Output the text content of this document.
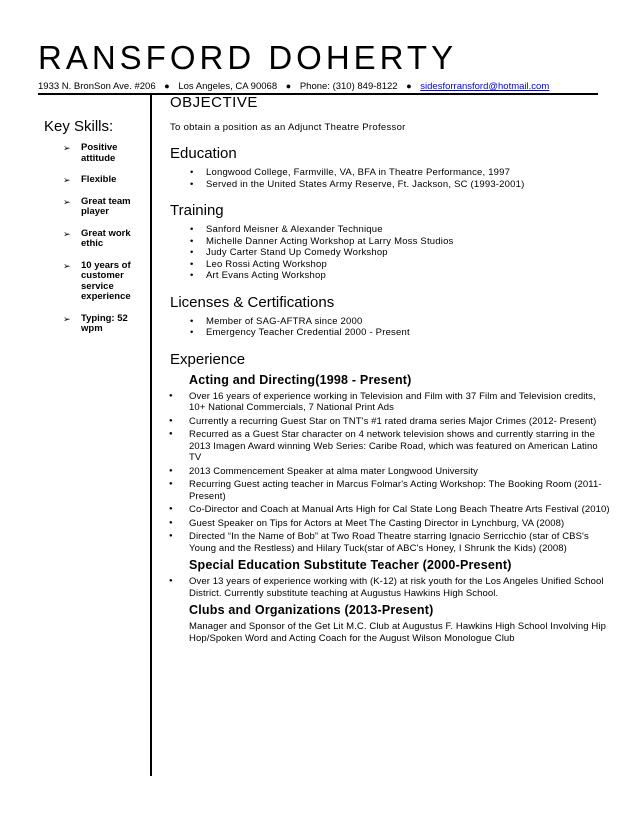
RANSFORD DOHERTY
1933 N. BronSon Ave. #206 ● Los Angeles, CA 90068 ● Phone: (310) 849-8122 ● sidesforransford@hotmail.com
Key Skills:
➢ Positive attitude
➢ Flexible
➢ Great team player
➢ Great work ethic
➢ 10 years of customer service experience
➢ Typing: 52 wpm
OBJECTIVE

To obtain a position as an Adjunct Theatre Professor

Education
• Longwood College, Farmville, VA, BFA in Theatre Performance, 1997
• Served in the United States Army Reserve, Ft. Jackson, SC (1993-2001)
Training
• Sanford Meisner & Alexander Technique
• Michelle Danner Acting Workshop at Larry Moss Studios
• Judy Carter Stand Up Comedy Workshop
• Leo Rossi Acting Workshop
• Art Evans Acting Workshop
Licenses & Certifications
• Member of SAG-AFTRA since 2000
• Emergency Teacher Credential 2000 - Present
Experience
Acting and Directing(1998 - Present)
● Over 16 years of experience working in Television and Film with 37 Film and Television credits, 10+ National Commercials, 7 National Print Ads
● Currently a recurring Guest Star on TNT's #1 rated drama series Major Crimes (2012- Present)
● Recurred as a Guest Star character on 4 network television shows and currently starring in the 2013 Imagen Award winning Web Series: Caribe Road, which was featured on American Latino TV
● 2013 Commencement Speaker at alma mater Longwood University
● Recurring Guest acting teacher in Marcus Folmar's Acting Workshop: The Booking Room (2011-Present)
● Co-Director and Coach at Manual Arts High for Cal State Long Beach Theatre Arts Festival (2010)
● Guest Speaker on Tips for Actors at Meet The Casting Director in Lynchburg, VA (2008)
● Directed “In the Name of Bob” at Two Road Theatre starring Ignacio Serricchio (star of CBS's Young and the Restless) and Hilary Tuck(star of ABC's Honey, I Shrunk the Kids) (2008)
Special Education Substitute Teacher (2000-Present)
● Over 13 years of experience working with (K-12) at risk youth for the Los Angeles Unified School District. Currently substitute teaching at Augustus Hawkins High School.
Clubs and Organizations (2013-Present)

Manager and Sponsor of the Get Lit M.C. Club at Augustus F. Hawkins High School Involving Hip Hop/Spoken Word and Acting Coach for the August Wilson Monologue Club
